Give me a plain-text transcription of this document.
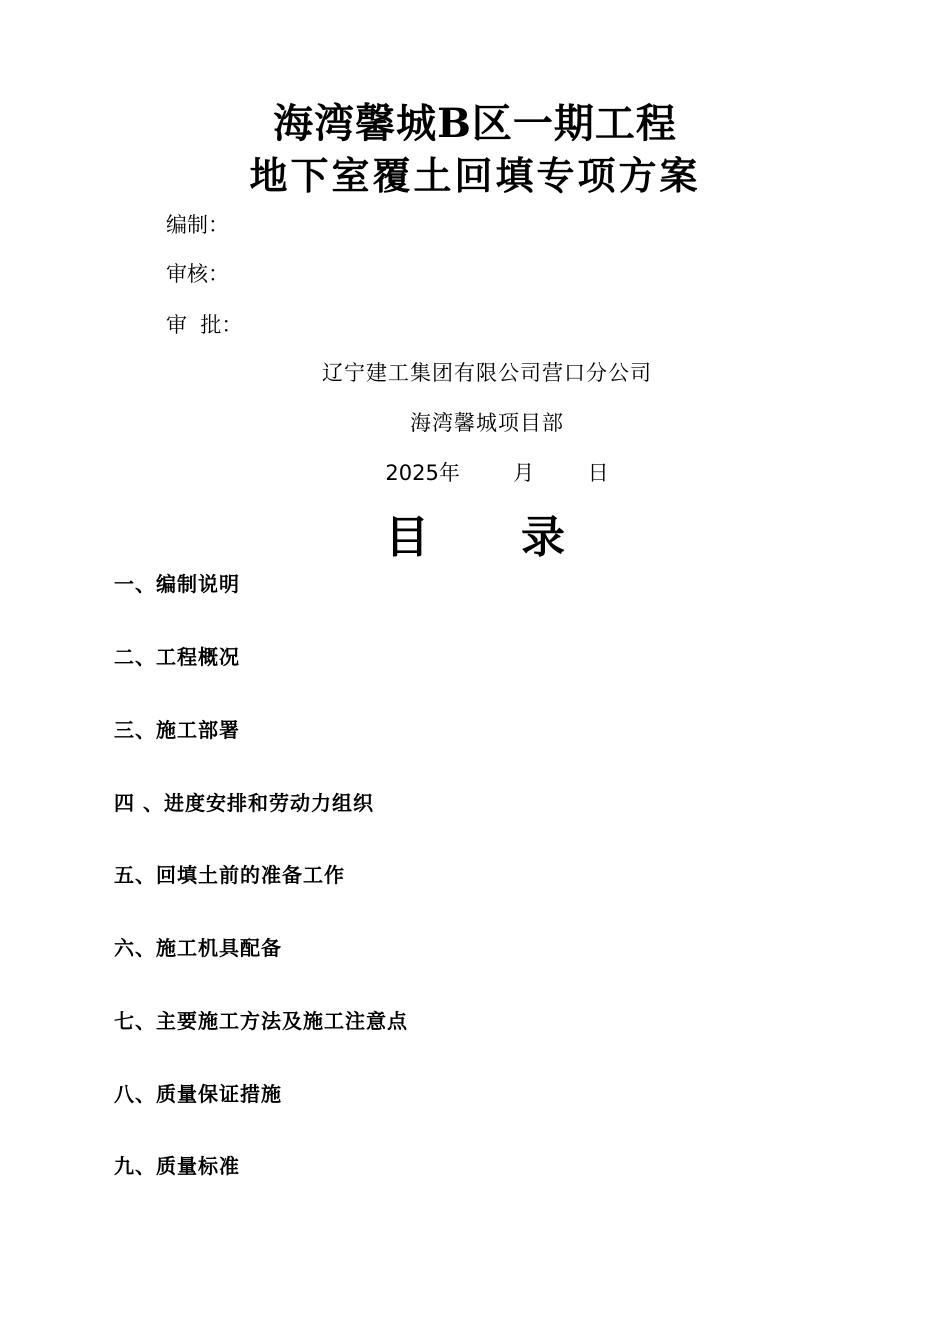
海湾馨城B区一期工程
地下室覆土回填专项方案
编制：
审核：
审  批：
辽宁建工集团有限公司营口分公司
海湾馨城项目部
2025年        月        日
目      录
一、编制说明
二、工程概况
三、施工部署
四 、进度安排和劳动力组织
五、回填土前的准备工作
六、施工机具配备
七、主要施工方法及施工注意点
八、质量保证措施
九、质量标准
